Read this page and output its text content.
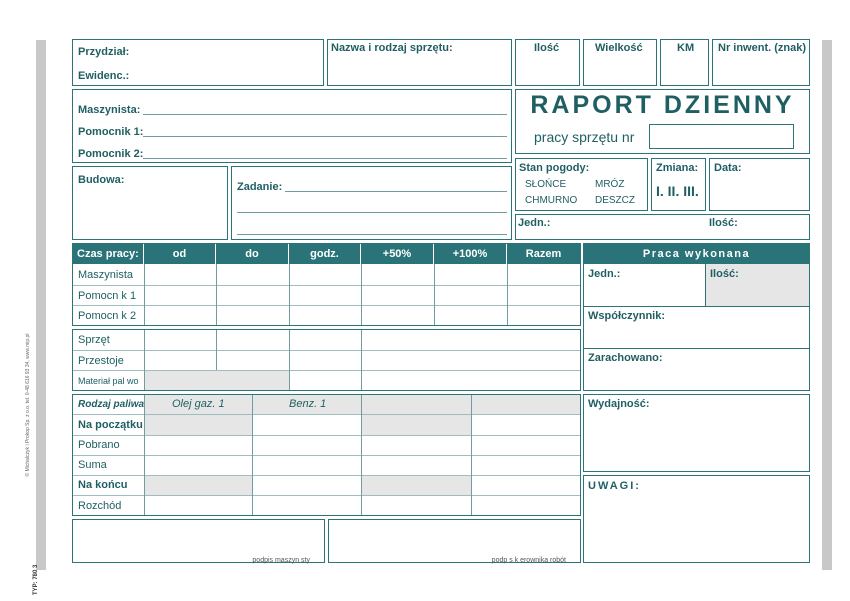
© Michalczyk i Prokop Sp. z o.o. tel. 0-48 616 93 34, www.mip.pl
TYP: 780 3
Przydział:
Ewidenc.:
Nazwa i rodzaj sprzętu:	Ilość	Wielkość	KM Nr inwent. (znak)
Maszynista:
Pomocnik 1:
Pomocnik 2:
RAPORT DZIENNY
pracy sprzętu nr
Budowa:
Zadanie:
Stan pogody:
SŁOŃCE	MRÓZ
CHMURNO DESZCZ
Zmiana:
I. II. III.
Data:
Jedn.:	Ilość:
Czas pracy:	od	do	godz.	+50%	+100%	Razem
Maszynista
Pomocn k 1
Pomocn k 2
Sprzęt
Przestoje
Materiał pal wo
Rodzaj paliwa	Olej gaz. 1	Benz. 1
Na początku
Pobrano
Suma
Na końcu
Rozchód
Praca wykonana
Jedn.:	Ilość:
Współczynnik:
Zarachowano:
Wydajność:
UWAGI:
podpis maszyn sty	podp s k erownika robót
